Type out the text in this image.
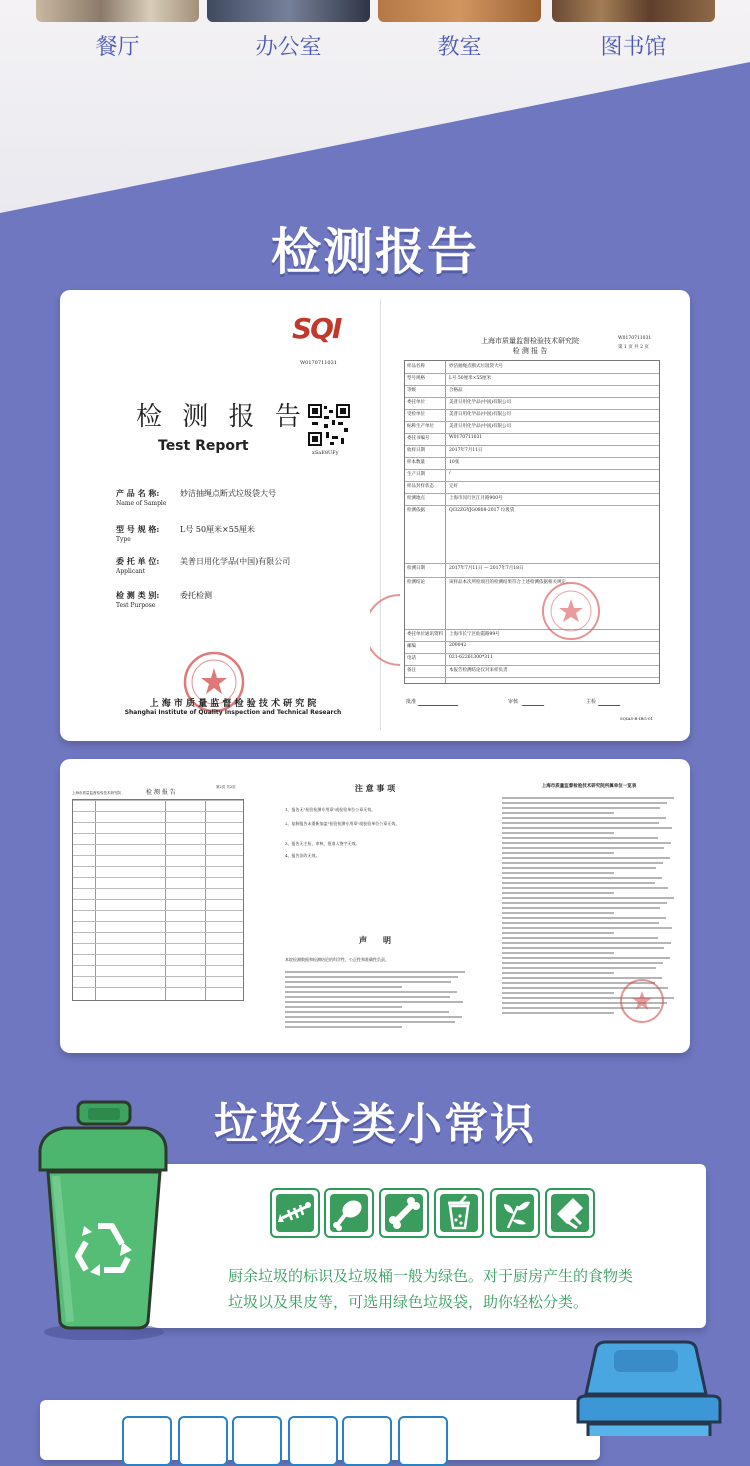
餐厅	办公室	教室	图书馆
检测报告
SQI
W0170711031
检 测 报 告
Test Report	xSaE8UFy
产 品 名 称:
Name of Sample
妙洁抽绳点断式垃圾袋大号
型 号 规 格:
Type
L号 50厘米×55厘米
委 托 单 位:
Applicant
美普日用化学品(中国)有限公司
检 测 类 别:
Test Purpose
委托检测
上 海 市 质 量 监 督 检 验 技 术 研 究 院
Shanghai Institute of Quality Inspection and Technical Research
上海市质量监督检验技术研究院
检 测 报 告
W0170711031
第 1 页 共 2 页
样品名称	妙洁抽绳点断式垃圾袋大号
型号规格	L号 50厘米×55厘米
等级	合格品
委托单位	美普日用化学品(中国)有限公司
受检单位	美普日用化学品(中国)有限公司
标称生产单位	美普日用化学品(中国)有限公司
委托书编号	W0170711031
收样日期	2017年7月11日
样本数量	10张
生产日期	/
样品封样状态	完好
检测地点	上海市闵行区江月路900号
检测依据	Q/32ZGYJG0808-2017 垃圾袋
检测日期	2017年7月11日 — 2017年7月18日
检测结论	该样品本次所检项目的检测结果符合上述检测依据相关规定。
委托单位通讯资料 上海市长宁区仙霞路99号
邮编	200042
电话	021-62261300*311
备注	本报告检测结论仅对来样负责
批准	审核	主检
SQIA5-R-IRG-01
上海市质量监督检验技术研究院	检 测 报 告
第2页 共2页	注 意 事 项
1、报告无"检验检测专用章"或检验单位公章无效。
2、复制报告未重新加盖"检验检测专用章"或检验单位公章无效。
3、报告无主检、审核、批准人签字无效。
4、报告涂改无效。
声　　明
本院检测数据和检测结论的科学性、公正性和准确性负责。
上海市质量监督检验技术研究院所属单位一览表
垃圾分类小常识
厨余垃圾的标识及垃圾桶一般为绿色。对于厨房产生的食物类
垃圾以及果皮等，可选用绿色垃圾袋，助你轻松分类。
